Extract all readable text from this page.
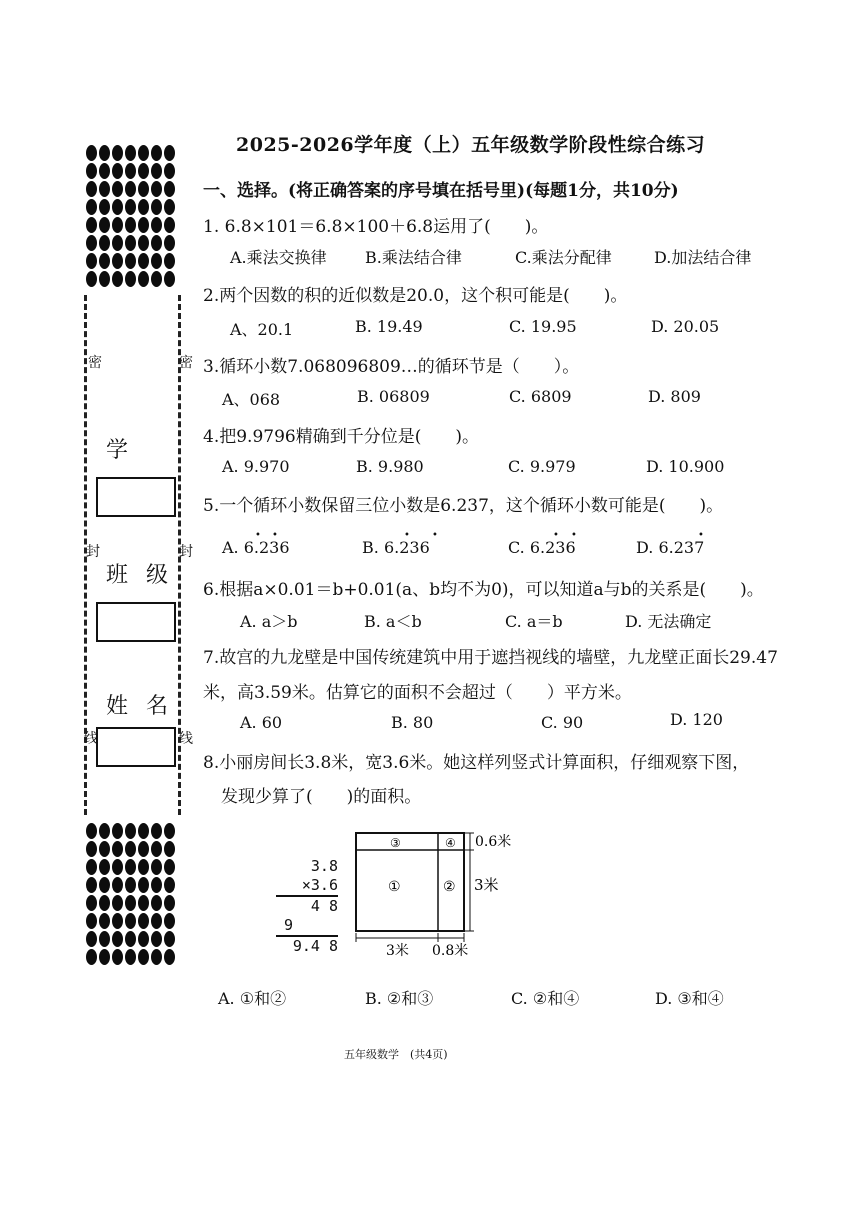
密	密
封	封
线	线
学
班级
姓名
2025-2026学年度（上）五年级数学阶段性综合练习
一、选择。(将正确答案的序号填在括号里)(每题1分，共10分)
1. 6.8×101＝6.8×100＋6.8运用了(　　)。
A.乘法交换律 B.乘法结合律	C.乘法分配律	D.加法结合律
2.两个因数的积的近似数是20.0，这个积可能是(　　)。
A、20.1	B. 19.49	C. 19.95	D. 20.05
3.循环小数7.068096809…的循环节是（　　）。
A、068	B. 06809	C. 6809	D. 809
4.把9.9796精确到千分位是(　　)。
A. 9.970	B. 9.980	C. 9.979	D. 10.900
5.一个循环小数保留三位小数是6.237，这个循环小数可能是(　　)。
A. 6.236	B. 6.236	C. 6.236	D. 6.237
• •	• •	• •	•
6.根据a×0.01＝b+0.01(a、b均不为0)，可以知道a与b的关系是(　　)。
A. a＞b	B. a＜b	C. a＝b	D. 无法确定
7.故宫的九龙壁是中国传统建筑中用于遮挡视线的墙壁，九龙壁正面长29.47
米，高3.59米。估算它的面积不会超过（　　）平方米。
A. 60	B. 80	C. 90	D. 120
8.小丽房间长3.8米，宽3.6米。她这样列竖式计算面积，仔细观察下图，
发现少算了(　　)的面积。
3.8
×3.6
4 8
9
9.4 8
①	②
③	④ 0.6米
3米
3米 0.8米
A. ①和②	B. ②和③	C. ②和④	D. ③和④
五年级数学　(共4页)
